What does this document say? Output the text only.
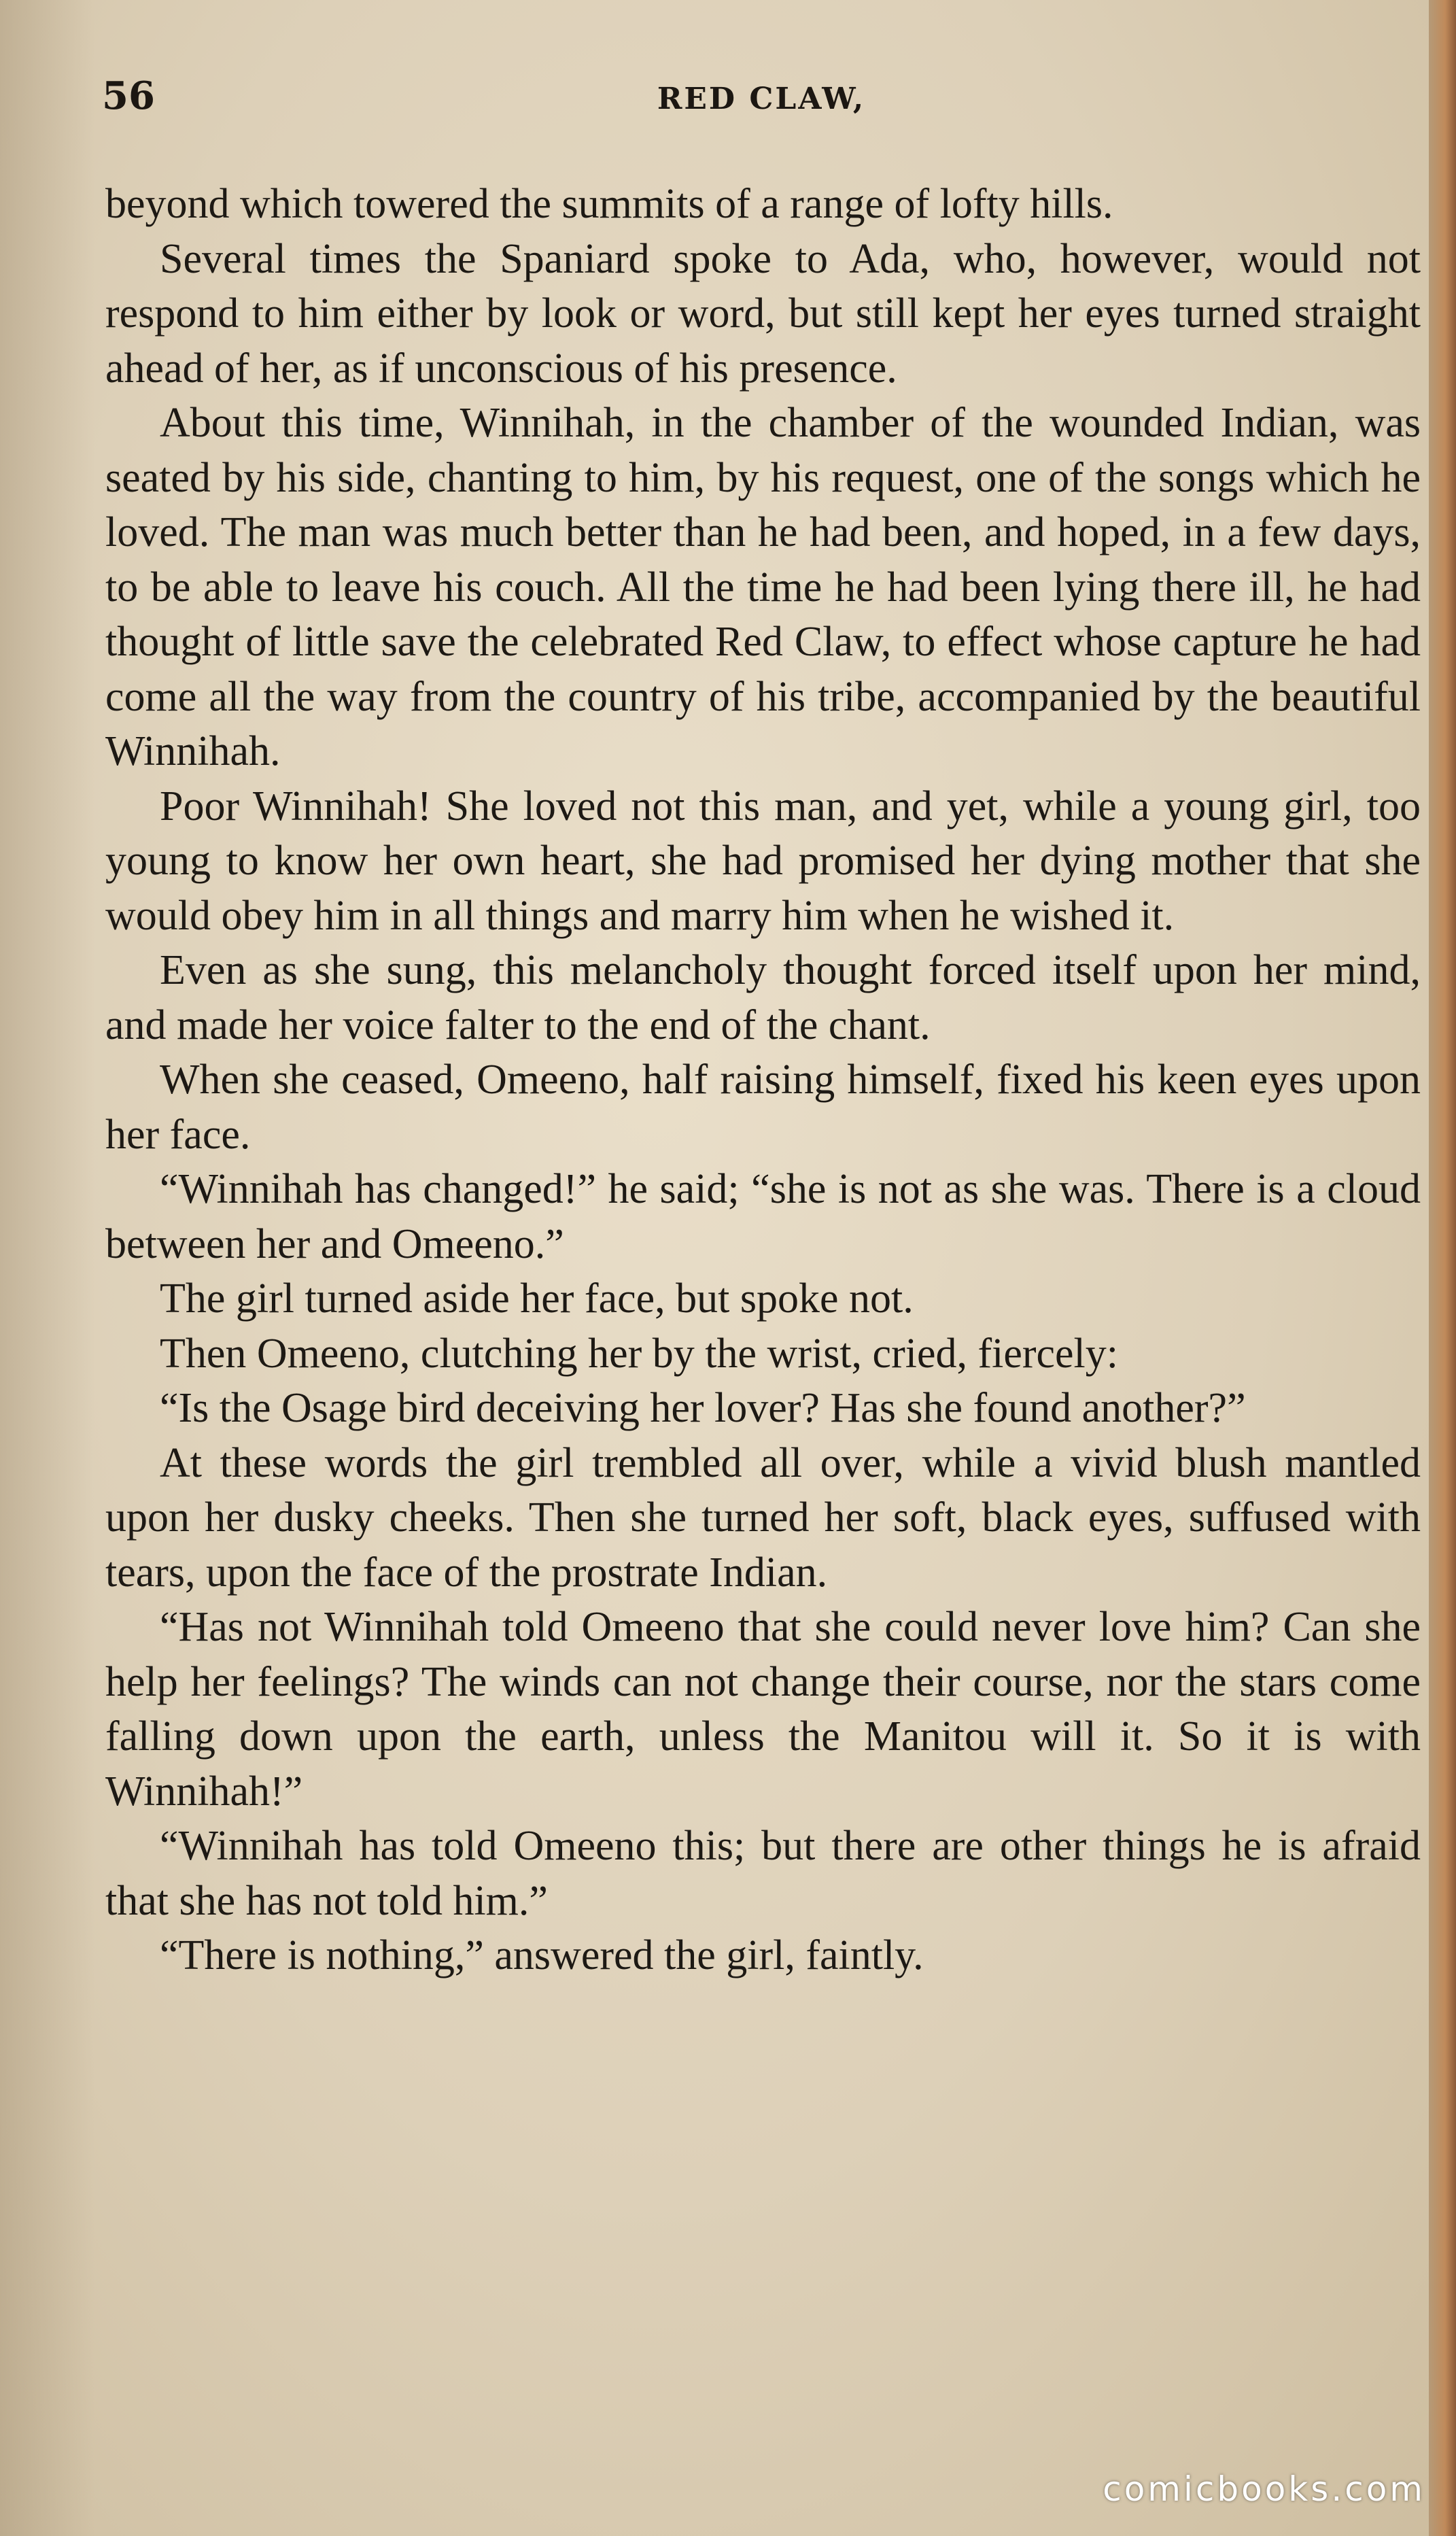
56	RED CLAW,

beyond which towered the summits of a range of lofty hills.

Several times the Spaniard spoke to Ada, who, however, would not respond to him either by look or word, but still kept her eyes turned straight ahead of her, as if unconscious of his presence.

About this time, Winnihah, in the chamber of the wounded Indian, was seated by his side, chanting to him, by his request, one of the songs which he loved. The man was much better than he had been, and hoped, in a few days, to be able to leave his couch. All the time he had been lying there ill, he had thought of little save the celebrated Red Claw, to effect whose capture he had come all the way from the country of his tribe, accompanied by the beautiful Winnihah.

Poor Winnihah! She loved not this man, and yet, while a young girl, too young to know her own heart, she had promised her dying mother that she would obey him in all things and marry him when he wished it.

Even as she sung, this melancholy thought forced itself upon her mind, and made her voice falter to the end of the chant.

When she ceased, Omeeno, half raising himself, fixed his keen eyes upon her face.

“Winnihah has changed!” he said; “she is not as she was. There is a cloud between her and Omeeno.”

The girl turned aside her face, but spoke not.

Then Omeeno, clutching her by the wrist, cried, fiercely:

“Is the Osage bird deceiving her lover? Has she found another?”

At these words the girl trembled all over, while a vivid blush mantled upon her dusky cheeks. Then she turned her soft, black eyes, suffused with tears, upon the face of the prostrate Indian.

“Has not Winnihah told Omeeno that she could never love him? Can she help her feelings? The winds can not change their course, nor the stars come falling down upon the earth, unless the Manitou will it. So it is with Winnihah!”

“Winnihah has told Omeeno this; but there are other things he is afraid that she has not told him.”

“There is nothing,” answered the girl, faintly.

comicbooks.com
